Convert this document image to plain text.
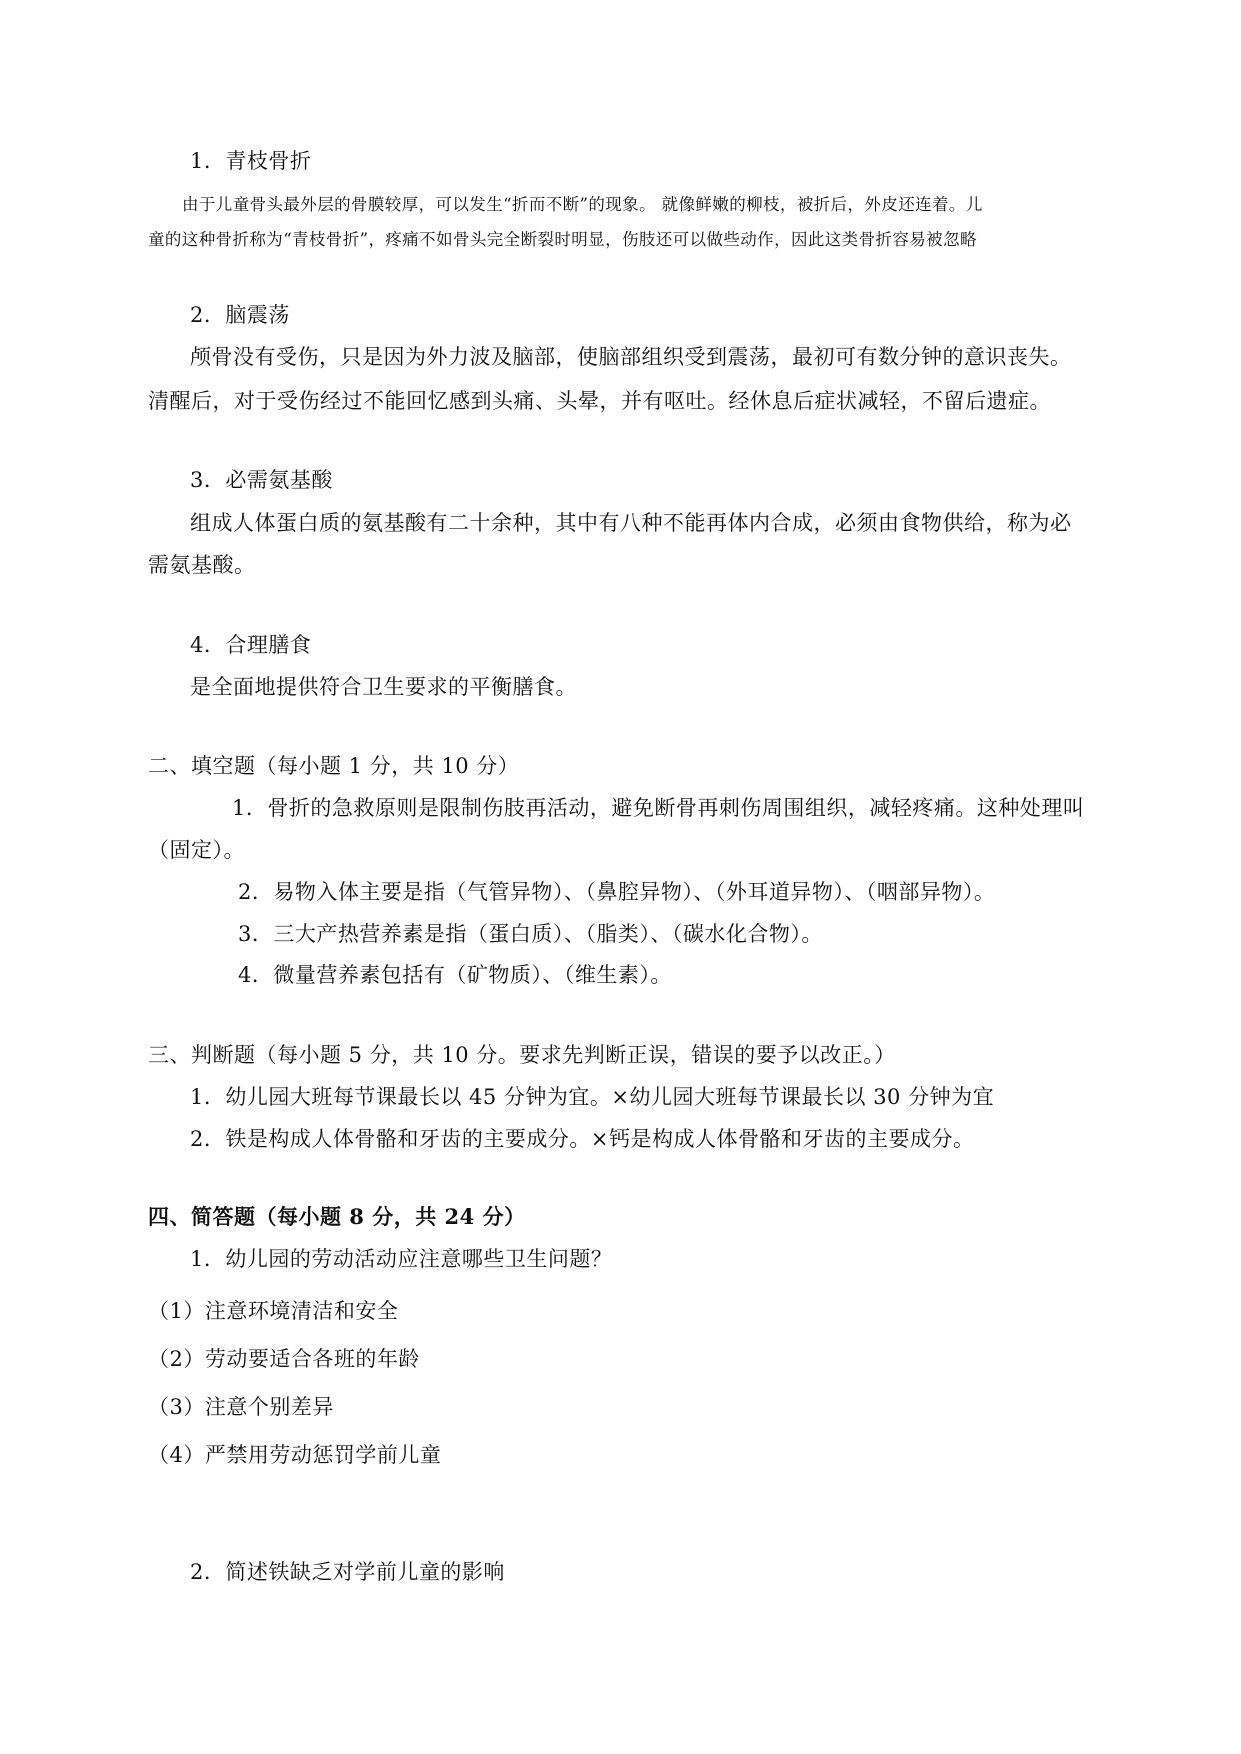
1．青枝骨折
由于儿童骨头最外层的骨膜较厚，可以发生“折而不断”的现象。 就像鲜嫩的柳枝，被折后，外皮还连着。儿
童的这种骨折称为“青枝骨折”，疼痛不如骨头完全断裂时明显，伤肢还可以做些动作，因此这类骨折容易被忽略
2．脑震荡
颅骨没有受伤，只是因为外力波及脑部，使脑部组织受到震荡，最初可有数分钟的意识丧失。
清醒后，对于受伤经过不能回忆感到头痛、头晕，并有呕吐。经休息后症状减轻，不留后遗症。
3．必需氨基酸
组成人体蛋白质的氨基酸有二十余种，其中有八种不能再体内合成，必须由食物供给，称为必
需氨基酸。
4．合理膳食
是全面地提供符合卫生要求的平衡膳食。
二、填空题（每小题 1 分，共 10 分）
1．骨折的急救原则是限制伤肢再活动，避免断骨再刺伤周围组织，减轻疼痛。这种处理叫
（固定）。
2．易物入体主要是指（气管异物）、（鼻腔异物）、（外耳道异物）、（咽部异物）。
3．三大产热营养素是指（蛋白质）、（脂类）、（碳水化合物）。
4．微量营养素包括有（矿物质）、（维生素）。
三、判断题（每小题 5 分，共 10 分。要求先判断正误，错误的要予以改正。）
1．幼儿园大班每节课最长以 45 分钟为宜。×幼儿园大班每节课最长以 30 分钟为宜
2．铁是构成人体骨骼和牙齿的主要成分。×钙是构成人体骨骼和牙齿的主要成分。
四、简答题（每小题 8 分，共 24 分）
1．幼儿园的劳动活动应注意哪些卫生问题？
（1）注意环境清洁和安全
（2）劳动要适合各班的年龄
（3）注意个别差异
（4）严禁用劳动惩罚学前儿童
2．简述铁缺乏对学前儿童的影响
